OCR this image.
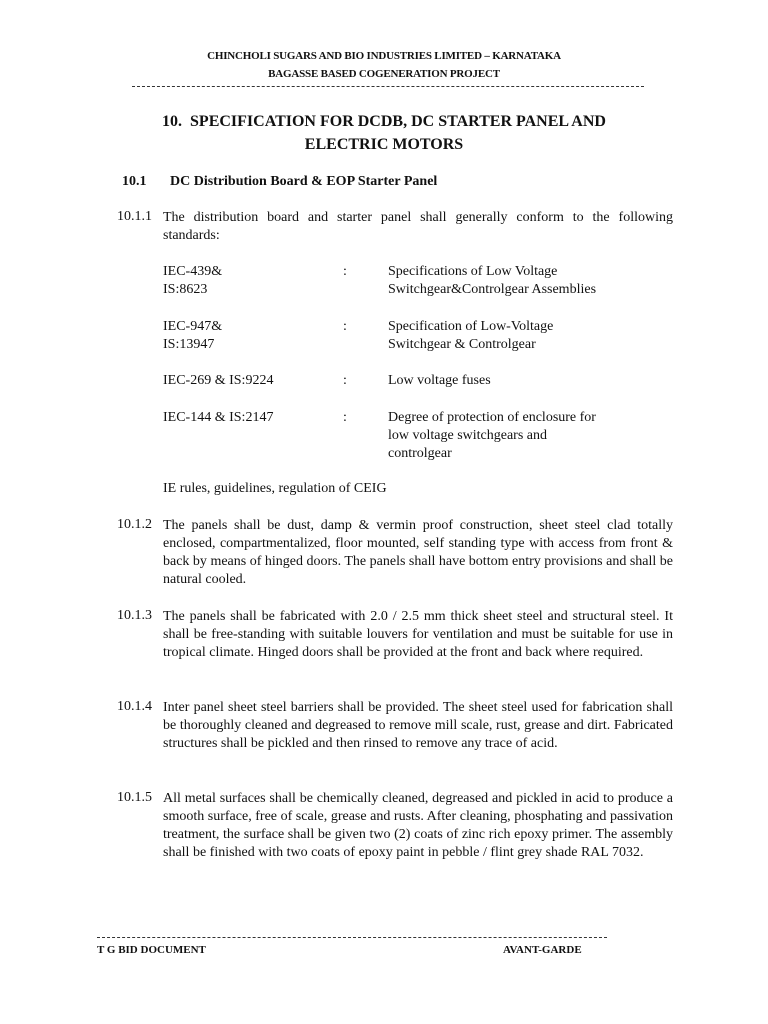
CHINCHOLI SUGARS AND BIO INDUSTRIES LIMITED – KARNATAKA
BAGASSE BASED COGENERATION PROJECT
10. SPECIFICATION FOR DCDB, DC STARTER PANEL AND
ELECTRIC MOTORS
10.1 DC Distribution Board & EOP Starter Panel
10.1.1 The distribution board and starter panel shall generally conform to the following standards:
IEC-439&
IS:8623
:	Specifications of Low Voltage
Switchgear&Controlgear Assemblies
IEC-947&
IS:13947
:	Specification of Low-Voltage
Switchgear & Controlgear
IEC-269 & IS:9224	:	Low voltage fuses
IEC-144 & IS:2147	:	Degree of protection of enclosure for
low voltage switchgears and
controlgear
IE rules, guidelines, regulation of CEIG
10.1.2 The panels shall be dust, damp & vermin proof construction, sheet steel clad totally enclosed, compartmentalized, floor mounted, self standing type with access from front & back by means of hinged doors. The panels shall have bottom entry provisions and shall be natural cooled.
10.1.3 The panels shall be fabricated with 2.0 / 2.5 mm thick sheet steel and structural steel. It shall be free-standing with suitable louvers for ventilation and must be suitable for use in tropical climate. Hinged doors shall be provided at the front and back where required.
10.1.4 Inter panel sheet steel barriers shall be provided. The sheet steel used for fabrication shall be thoroughly cleaned and degreased to remove mill scale, rust, grease and dirt. Fabricated structures shall be pickled and then rinsed to remove any trace of acid.
10.1.5 All metal surfaces shall be chemically cleaned, degreased and pickled in acid to produce a smooth surface, free of scale, grease and rusts. After cleaning, phosphating and passivation treatment, the surface shall be given two (2) coats of zinc rich epoxy primer. The assembly shall be finished with two coats of epoxy paint in pebble / flint grey shade RAL 7032.
T G BID DOCUMENT	AVANT-GARDE
